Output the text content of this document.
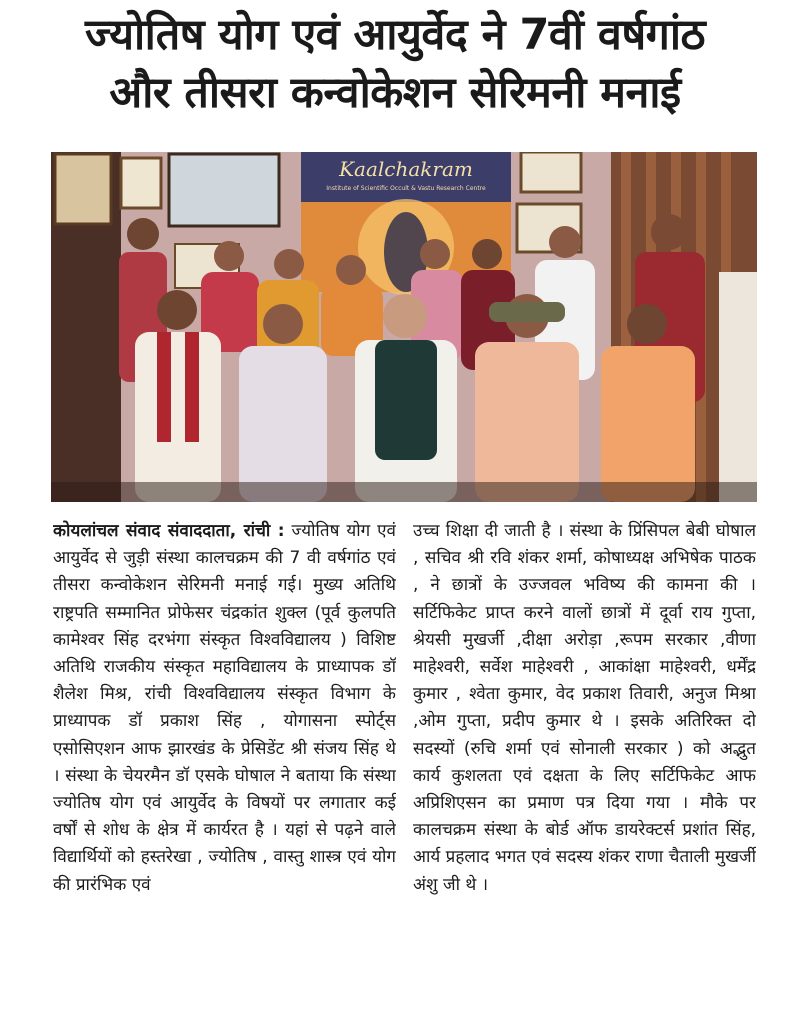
ज्योतिष योग एवं आयुर्वेद ने 7वीं वर्षगांठ
और तीसरा कन्वोकेशन सेरिमनी मनाई
Kaalchakram
Institute of Scientific Occult & Vastu Research Centre

कोयलांचल संवाद संवाददाता, रांची : ज्योतिष योग एवं आयुर्वेद से जुड़ी संस्था कालचक्रम की 7 वी वर्षगांठ एवं तीसरा कन्वोकेशन सेरिमनी मनाई गई। मुख्य अतिथि राष्ट्रपति सम्मानित प्रोफेसर चंद्रकांत शुक्ल (पूर्व कुलपति कामेश्वर सिंह दरभंगा संस्कृत विश्वविद्यालय ) विशिष्ट अतिथि राजकीय संस्कृत महाविद्यालय के प्राध्यापक डॉ शैलेश मिश्र, रांची विश्वविद्यालय संस्कृत विभाग के प्राध्यापक डॉ प्रकाश सिंह , योगासना स्पोर्ट्स एसोसिएशन आफ झारखंड के प्रेसिडेंट श्री संजय सिंह थे । संस्था के चेयरमैन डॉ एसके घोषाल ने बताया कि संस्था ज्योतिष योग एवं आयुर्वेद के विषयों पर लगातार कई वर्षों से शोध के क्षेत्र में कार्यरत है । यहां से पढ़ने वाले विद्यार्थियों को हस्तरेखा , ज्योतिष , वास्तु शास्त्र एवं योग की प्रारंभिक एवं

उच्च शिक्षा दी जाती है । संस्था के प्रिंसिपल बेबी घोषाल , सचिव श्री रवि शंकर शर्मा, कोषाध्यक्ष अभिषेक पाठक , ने छात्रों के उज्जवल भविष्य की कामना की । सर्टिफिकेट प्राप्त करने वालों छात्रों में दूर्वा राय गुप्ता, श्रेयसी मुखर्जी ,दीक्षा अरोड़ा ,रूपम सरकार ,वीणा माहेश्वरी, सर्वेश माहेश्वरी , आकांक्षा माहेश्वरी, धर्मेंद्र कुमार , श्वेता कुमार, वेद प्रकाश तिवारी, अनुज मिश्रा ,ओम गुप्ता, प्रदीप कुमार थे । इसके अतिरिक्त दो सदस्यों (रुचि शर्मा एवं सोनाली सरकार ) को अद्भुत कार्य कुशलता एवं दक्षता के लिए सर्टिफिकेट आफ अप्रिशिएसन का प्रमाण पत्र दिया गया । मौके पर कालचक्रम संस्था के बोर्ड ऑफ डायरेक्टर्स प्रशांत सिंह, आर्य प्रहलाद भगत एवं सदस्य शंकर राणा चैताली मुखर्जी अंशु जी थे ।
